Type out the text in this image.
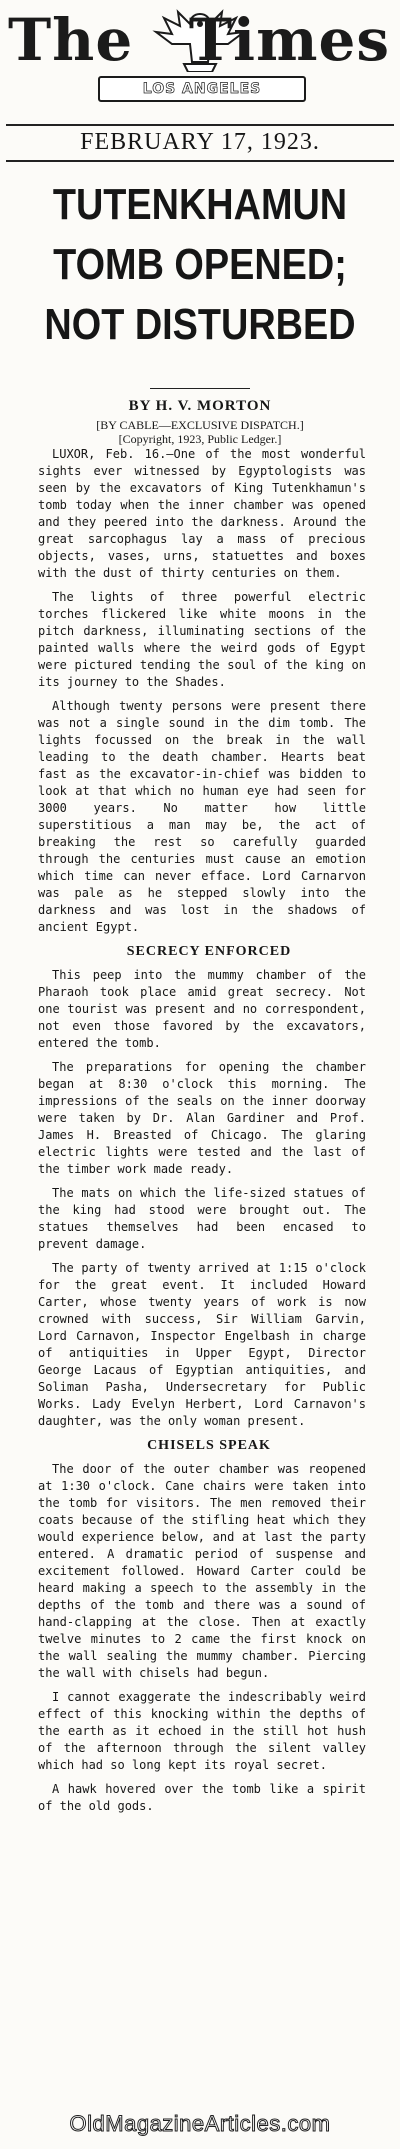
The Times
LOS ANGELES
FEBRUARY 17, 1923.
TUTENKHAMUN
TOMB OPENED;
NOT DISTURBED
BY H. V. MORTON
[BY CABLE—EXCLUSIVE DISPATCH.]
[Copyright, 1923, Public Ledger.]

LUXOR, Feb. 16.—One of the most wonderful sights ever witnessed by Egyptologists was seen by the excavators of King Tutenkhamun's tomb today when the inner chamber was opened and they peered into the darkness. Around the great sarcophagus lay a mass of precious objects, vases, urns, statuettes and boxes with the dust of thirty centuries on them.

The lights of three powerful electric torches flickered like white moons in the pitch darkness, illuminating sections of the painted walls where the weird gods of Egypt were pictured tending the soul of the king on its journey to the Shades.

Although twenty persons were present there was not a single sound in the dim tomb. The lights focussed on the break in the wall leading to the death chamber. Hearts beat fast as the excavator-in-chief was bidden to look at that which no human eye had seen for 3000 years. No matter how little superstitious a man may be, the act of breaking the rest so carefully guarded through the centuries must cause an emotion which time can never efface. Lord Carnarvon was pale as he stepped slowly into the darkness and was lost in the shadows of ancient Egypt.

SECRECY ENFORCED

This peep into the mummy chamber of the Pharaoh took place amid great secrecy. Not one tourist was present and no correspondent, not even those favored by the excavators, entered the tomb.

The preparations for opening the chamber began at 8:30 o'clock this morning. The impressions of the seals on the inner doorway were taken by Dr. Alan Gardiner and Prof. James H. Breasted of Chicago. The glaring electric lights were tested and the last of the timber work made ready.

The mats on which the life-sized statues of the king had stood were brought out. The statues themselves had been encased to prevent damage.

The party of twenty arrived at 1:15 o'clock for the great event. It included Howard Carter, whose twenty years of work is now crowned with success, Sir William Garvin, Lord Carnavon, Inspector Engelbash in charge of antiquities in Upper Egypt, Director George Lacaus of Egyptian antiquities, and Soliman Pasha, Undersecretary for Public Works. Lady Evelyn Herbert, Lord Carnavon's daughter, was the only woman present.

CHISELS SPEAK

The door of the outer chamber was reopened at 1:30 o'clock. Cane chairs were taken into the tomb for visitors. The men removed their coats because of the stifling heat which they would experience below, and at last the party entered. A dramatic period of suspense and excitement followed. Howard Carter could be heard making a speech to the assembly in the depths of the tomb and there was a sound of hand-clapping at the close. Then at exactly twelve minutes to 2 came the first knock on the wall sealing the mummy chamber. Piercing the wall with chisels had begun.

I cannot exaggerate the indescribably weird effect of this knocking within the depths of the earth as it echoed in the still hot hush of the afternoon through the silent valley which had so long kept its royal secret.

A hawk hovered over the tomb like a spirit of the old gods.

OldMagazineArticles.com
